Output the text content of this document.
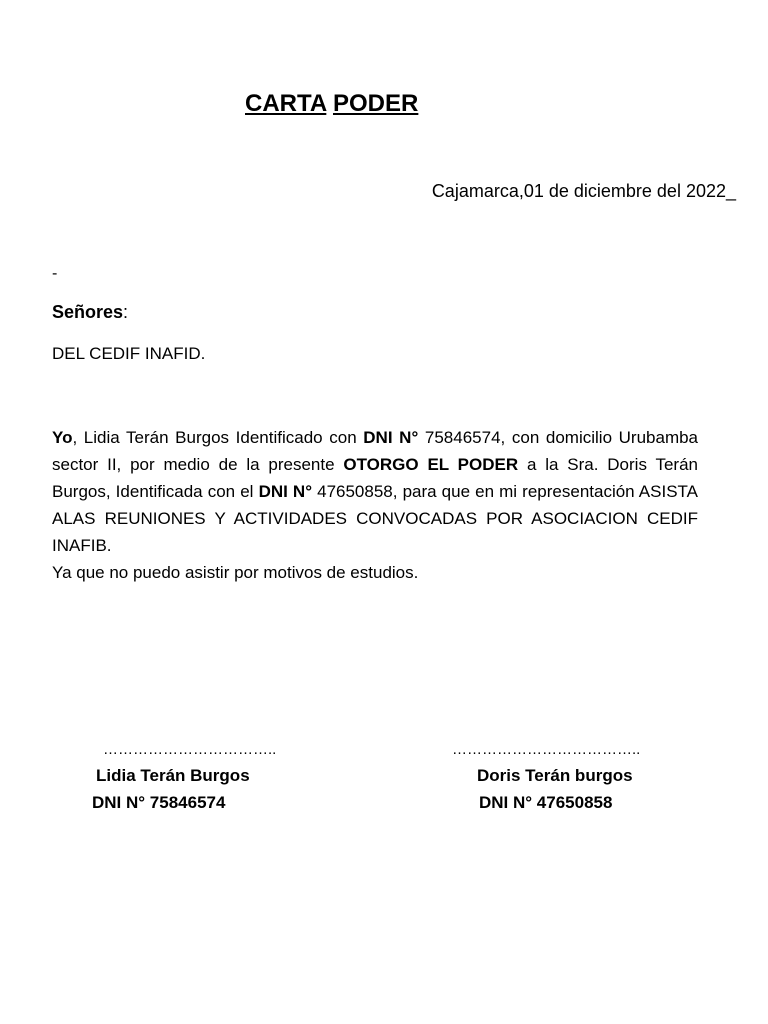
CARTA PODER
Cajamarca,01 de diciembre del 2022_
-
Señores:
DEL CEDIF INAFID.
Yo, Lidia Terán Burgos Identificado con DNI N° 75846574, con domicilio Urubamba sector II, por medio de la presente OTORGO EL PODER a la Sra. Doris Terán Burgos, Identificada con el DNI N° 47650858, para que en mi representación ASISTA ALAS REUNIONES Y ACTIVIDADES CONVOCADAS POR ASOCIACION CEDIF INAFIB.
Ya que no puedo asistir por motivos de estudios.
……………………………..
Lidia Terán Burgos
DNI N° 75846574
………………………………..
Doris Terán burgos
DNI N° 47650858
